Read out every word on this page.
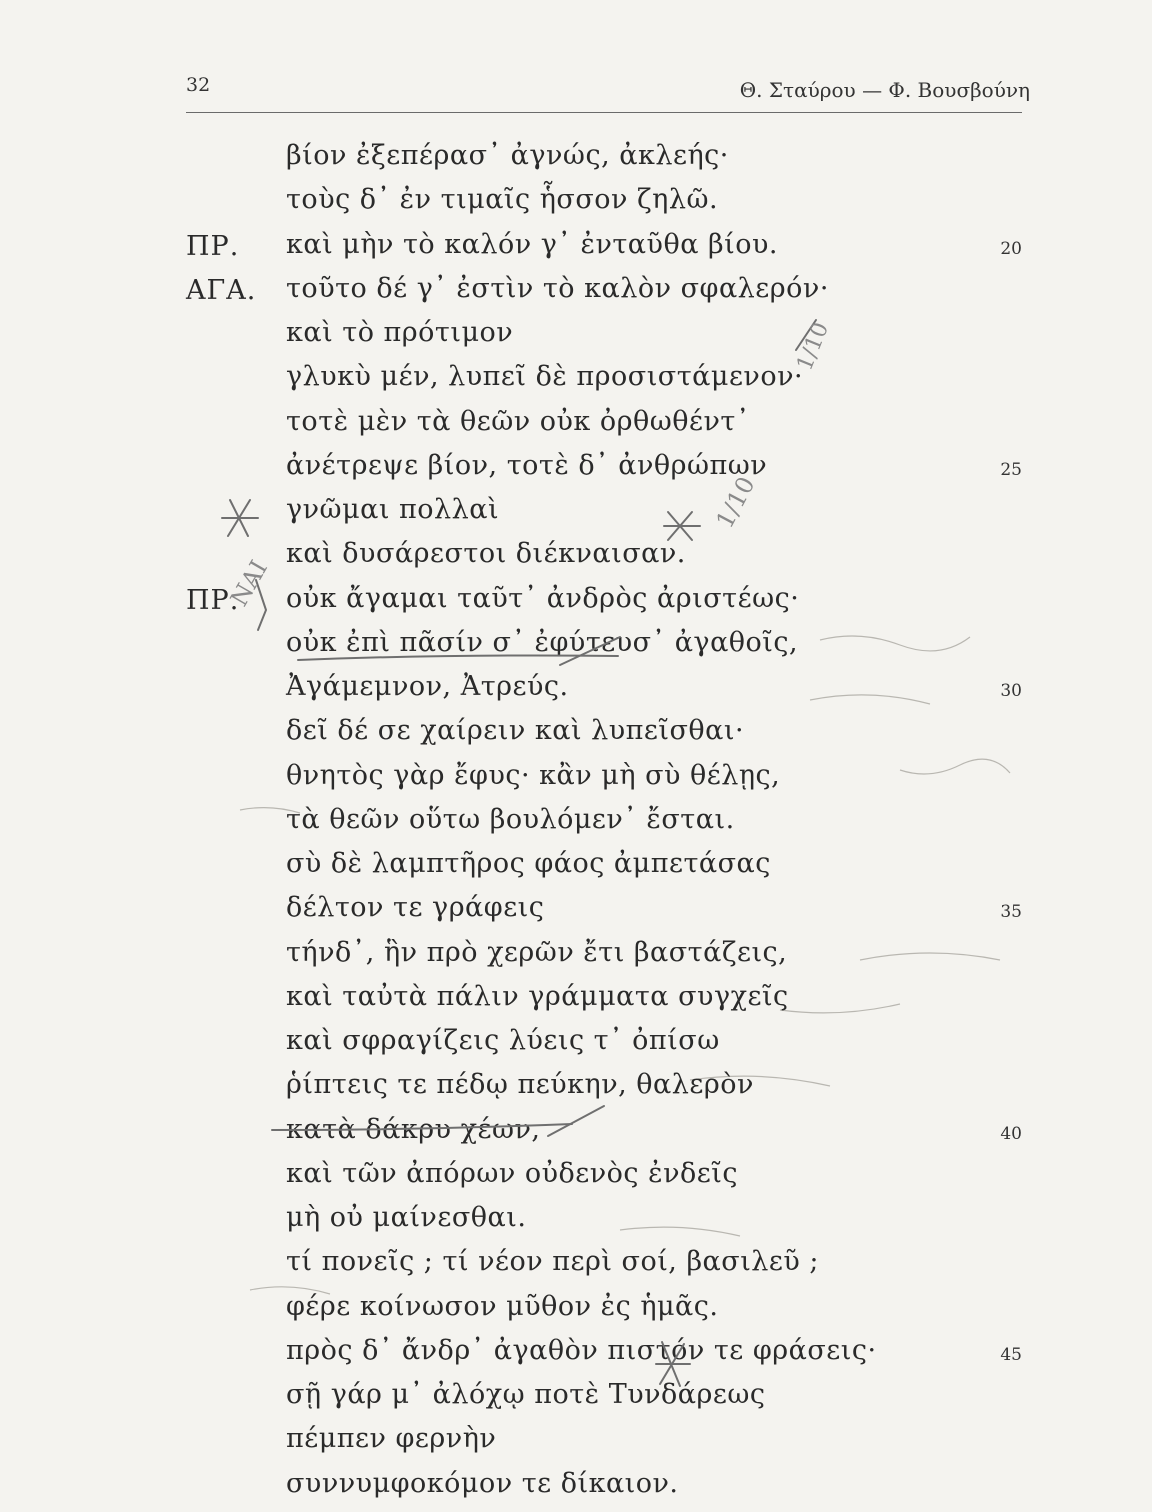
32	Θ. Σταύρου — Φ. Βουσβούνη
βίον ἐξεπέρασ᾽ ἀγνώς, ἀκλεής·
τοὺς δ᾽ ἐν τιμαῖς ἧσσον ζηλῶ.
ΠΡ. καὶ μὴν τὸ καλόν γ᾽ ἐνταῦθα βίου.	20
ΑΓΑ. τοῦτο δέ γ᾽ ἐστὶν τὸ καλὸν σφαλερόν·
καὶ τὸ πρότιμον
γλυκὺ μέν, λυπεῖ δὲ προσιστάμενον·
τοτὲ μὲν τὰ θεῶν οὐκ ὀρθωθέντ᾽
ἀνέτρεψε βίον, τοτὲ δ᾽ ἀνθρώπων	25
γνῶμαι πολλαὶ
καὶ δυσάρεστοι διέκναισαν.
ΠΡ. οὐκ ἄγαμαι ταῦτ᾽ ἀνδρὸς ἀριστέως·
οὐκ ἐπὶ πᾶσίν σ᾽ ἐφύτευσ᾽ ἀγαθοῖς,
Ἀγάμεμνον, Ἀτρεύς.	30
δεῖ δέ σε χαίρειν καὶ λυπεῖσθαι·
θνητὸς γὰρ ἔφυς· κἂν μὴ σὺ θέλῃς,
τὰ θεῶν οὕτω βουλόμεν᾽ ἔσται.
σὺ δὲ λαμπτῆρος φάος ἀμπετάσας
δέλτον τε γράφεις	35
τήνδ᾽, ἣν πρὸ χερῶν ἔτι βαστάζεις,
καὶ ταὐτὰ πάλιν γράμματα συγχεῖς
καὶ σφραγίζεις λύεις τ᾽ ὀπίσω
ῥίπτεις τε πέδῳ πεύκην, θαλερὸν
κατὰ δάκρυ χέων,	40
καὶ τῶν ἀπόρων οὐδενὸς ἐνδεῖς
μὴ οὐ μαίνεσθαι.
τί πονεῖς ; τί νέον περὶ σοί, βασιλεῦ ;
φέρε κοίνωσον μῦθον ἐς ἡμᾶς.
πρὸς δ᾽ ἄνδρ᾽ ἀγαθὸν πιστόν τε φράσεις·	45
σῇ γάρ μ᾽ ἀλόχῳ ποτὲ Τυνδάρεως
πέμπεν φερνὴν
συννυμφοκόμον τε δίκαιον.
ΝΑΙ
1/10
1/10
